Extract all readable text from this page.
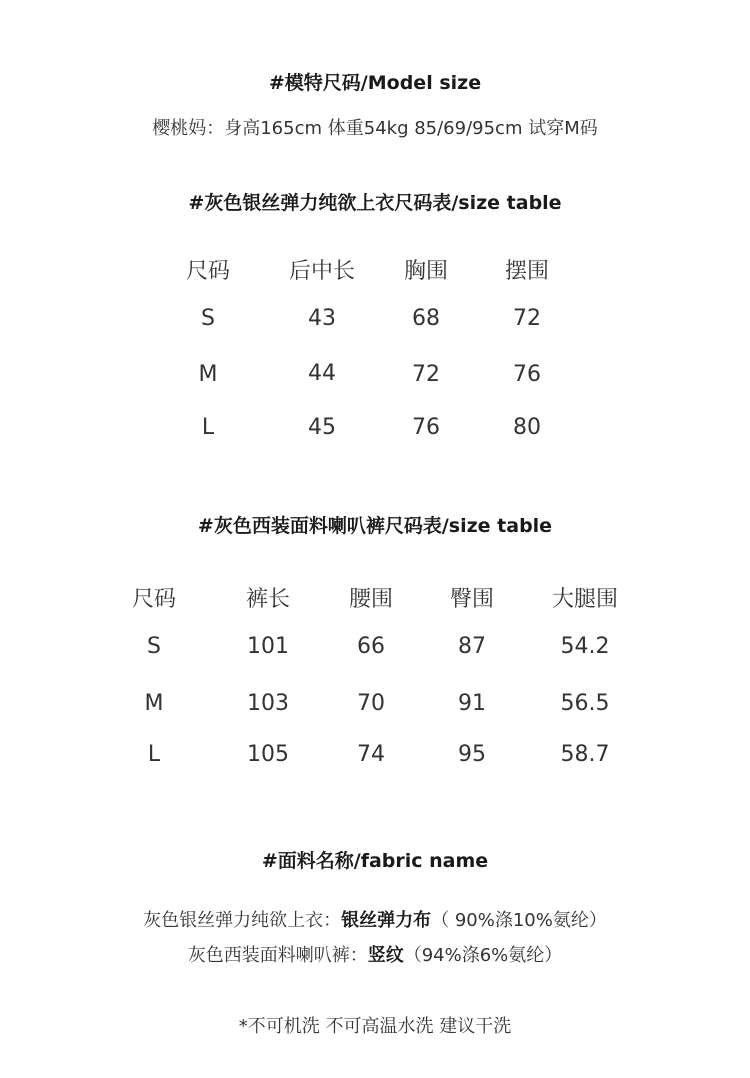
#模特尺码/Model size
樱桃妈：身高165cm 体重54kg 85/69/95cm 试穿M码
#灰色银丝弹力纯欲上衣尺码表/size table
尺码	后中长	胸围	摆围
S	43	68	72
M	44	72	76
L	45	76	80
#灰色西装面料喇叭裤尺码表/size table
尺码	裤长	腰围	臀围	大腿围
S	101	66	87	54.2
M	103	70	91	56.5
L	105	74	95	58.7
#面料名称/fabric name
灰色银丝弹力纯欲上衣：银丝弹力布（ 90%涤10%氨纶）
灰色西装面料喇叭裤：竖纹（94%涤6%氨纶）
*不可机洗 不可高温水洗 建议干洗
